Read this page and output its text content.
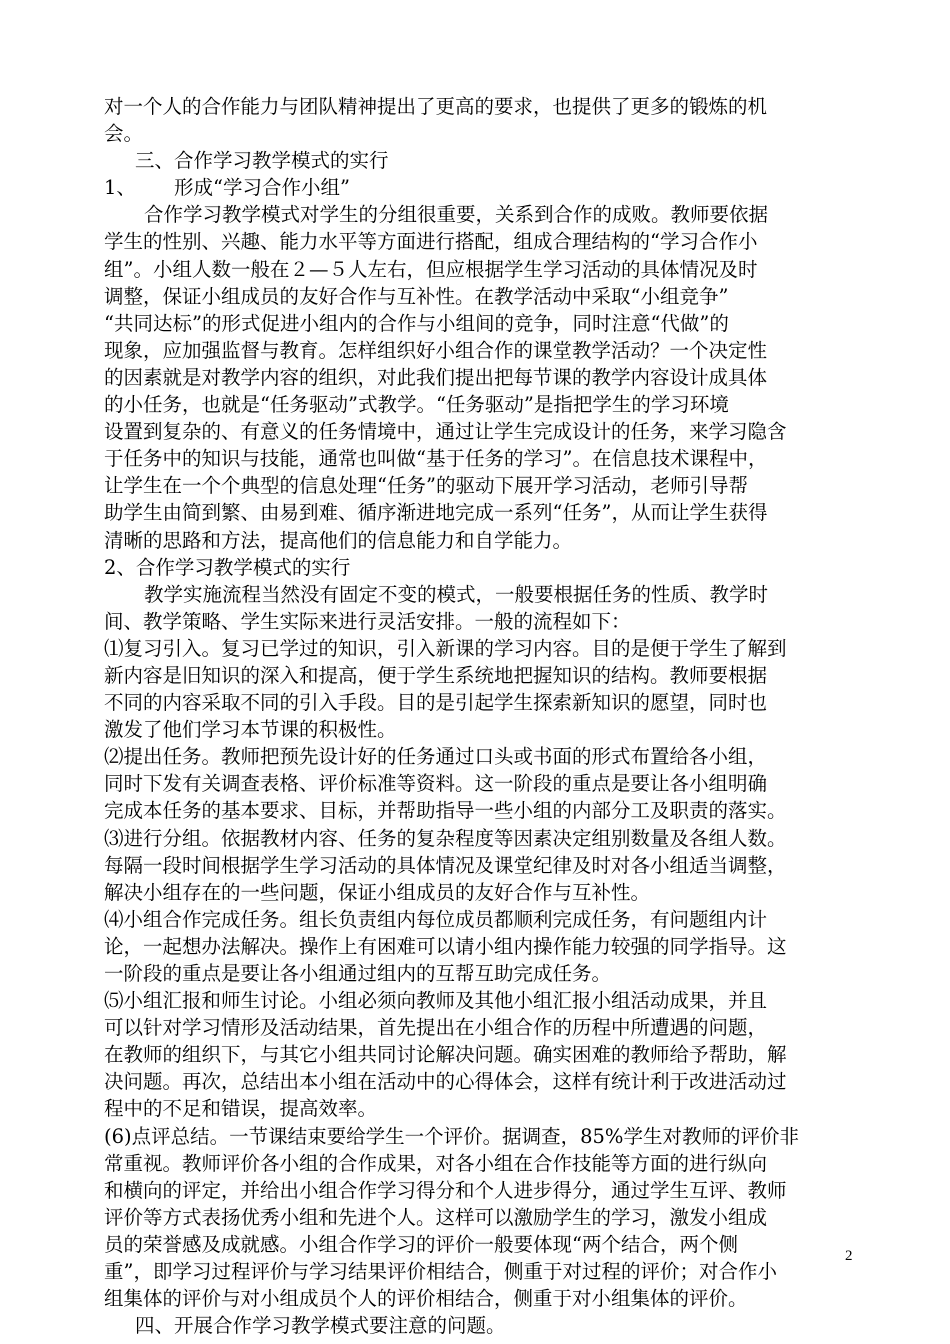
对一个人的合作能力与团队精神提出了更高的要求，也提供了更多的锻炼的机
会。
三、合作学习教学模式的实行
1、 形成“学习合作小组”
合作学习教学模式对学生的分组很重要，关系到合作的成败。教师要依据
学生的性别、兴趣、能力水平等方面进行搭配，组成合理结构的“学习合作小
组”。小组人数一般在２—５人左右，但应根据学生学习活动的具体情况及时
调整，保证小组成员的友好合作与互补性。在教学活动中采取“小组竞争”
“共同达标”的形式促进小组内的合作与小组间的竞争，同时注意“代做”的
现象，应加强监督与教育。怎样组织好小组合作的课堂教学活动？一个决定性
的因素就是对教学内容的组织，对此我们提出把每节课的教学内容设计成具体
的小任务，也就是“任务驱动”式教学。“任务驱动”是指把学生的学习环境
设置到复杂的、有意义的任务情境中，通过让学生完成设计的任务，来学习隐含
于任务中的知识与技能，通常也叫做“基于任务的学习”。在信息技术课程中，
让学生在一个个典型的信息处理“任务”的驱动下展开学习活动，老师引导帮
助学生由简到繁、由易到难、循序渐进地完成一系列“任务”，从而让学生获得
清晰的思路和方法，提高他们的信息能力和自学能力。
2、合作学习教学模式的实行
教学实施流程当然没有固定不变的模式，一般要根据任务的性质、教学时
间、教学策略、学生实际来进行灵活安排。一般的流程如下：
⑴复习引入。复习已学过的知识，引入新课的学习内容。目的是便于学生了解到
新内容是旧知识的深入和提高，便于学生系统地把握知识的结构。教师要根据
不同的内容采取不同的引入手段。目的是引起学生探索新知识的愿望，同时也
激发了他们学习本节课的积极性。
⑵提出任务。教师把预先设计好的任务通过口头或书面的形式布置给各小组，
同时下发有关调查表格、评价标准等资料。这一阶段的重点是要让各小组明确
完成本任务的基本要求、目标，并帮助指导一些小组的内部分工及职责的落实。
⑶进行分组。依据教材内容、任务的复杂程度等因素决定组别数量及各组人数。
每隔一段时间根据学生学习活动的具体情况及课堂纪律及时对各小组适当调整，
解决小组存在的一些问题，保证小组成员的友好合作与互补性。
⑷小组合作完成任务。组长负责组内每位成员都顺利完成任务，有问题组内计
论，一起想办法解决。操作上有困难可以请小组内操作能力较强的同学指导。这
一阶段的重点是要让各小组通过组内的互帮互助完成任务。
⑸小组汇报和师生讨论。小组必须向教师及其他小组汇报小组活动成果，并且
可以针对学习情形及活动结果，首先提出在小组合作的历程中所遭遇的问题，
在教师的组织下，与其它小组共同讨论解决问题。确实困难的教师给予帮助，解
决问题。再次，总结出本小组在活动中的心得体会，这样有统计利于改进活动过
程中的不足和错误，提高效率。
(6)点评总结。一节课结束要给学生一个评价。据调查，85%学生对教师的评价非
常重视。教师评价各小组的合作成果，对各小组在合作技能等方面的进行纵向
和横向的评定，并给出小组合作学习得分和个人进步得分，通过学生互评、教师
评价等方式表扬优秀小组和先进个人。这样可以激励学生的学习，激发小组成
员的荣誉感及成就感。小组合作学习的评价一般要体现“两个结合，两个侧
重”，即学习过程评价与学习结果评价相结合，侧重于对过程的评价；对合作小
组集体的评价与对小组成员个人的评价相结合，侧重于对小组集体的评价。
四、开展合作学习教学模式要注意的问题。
2
